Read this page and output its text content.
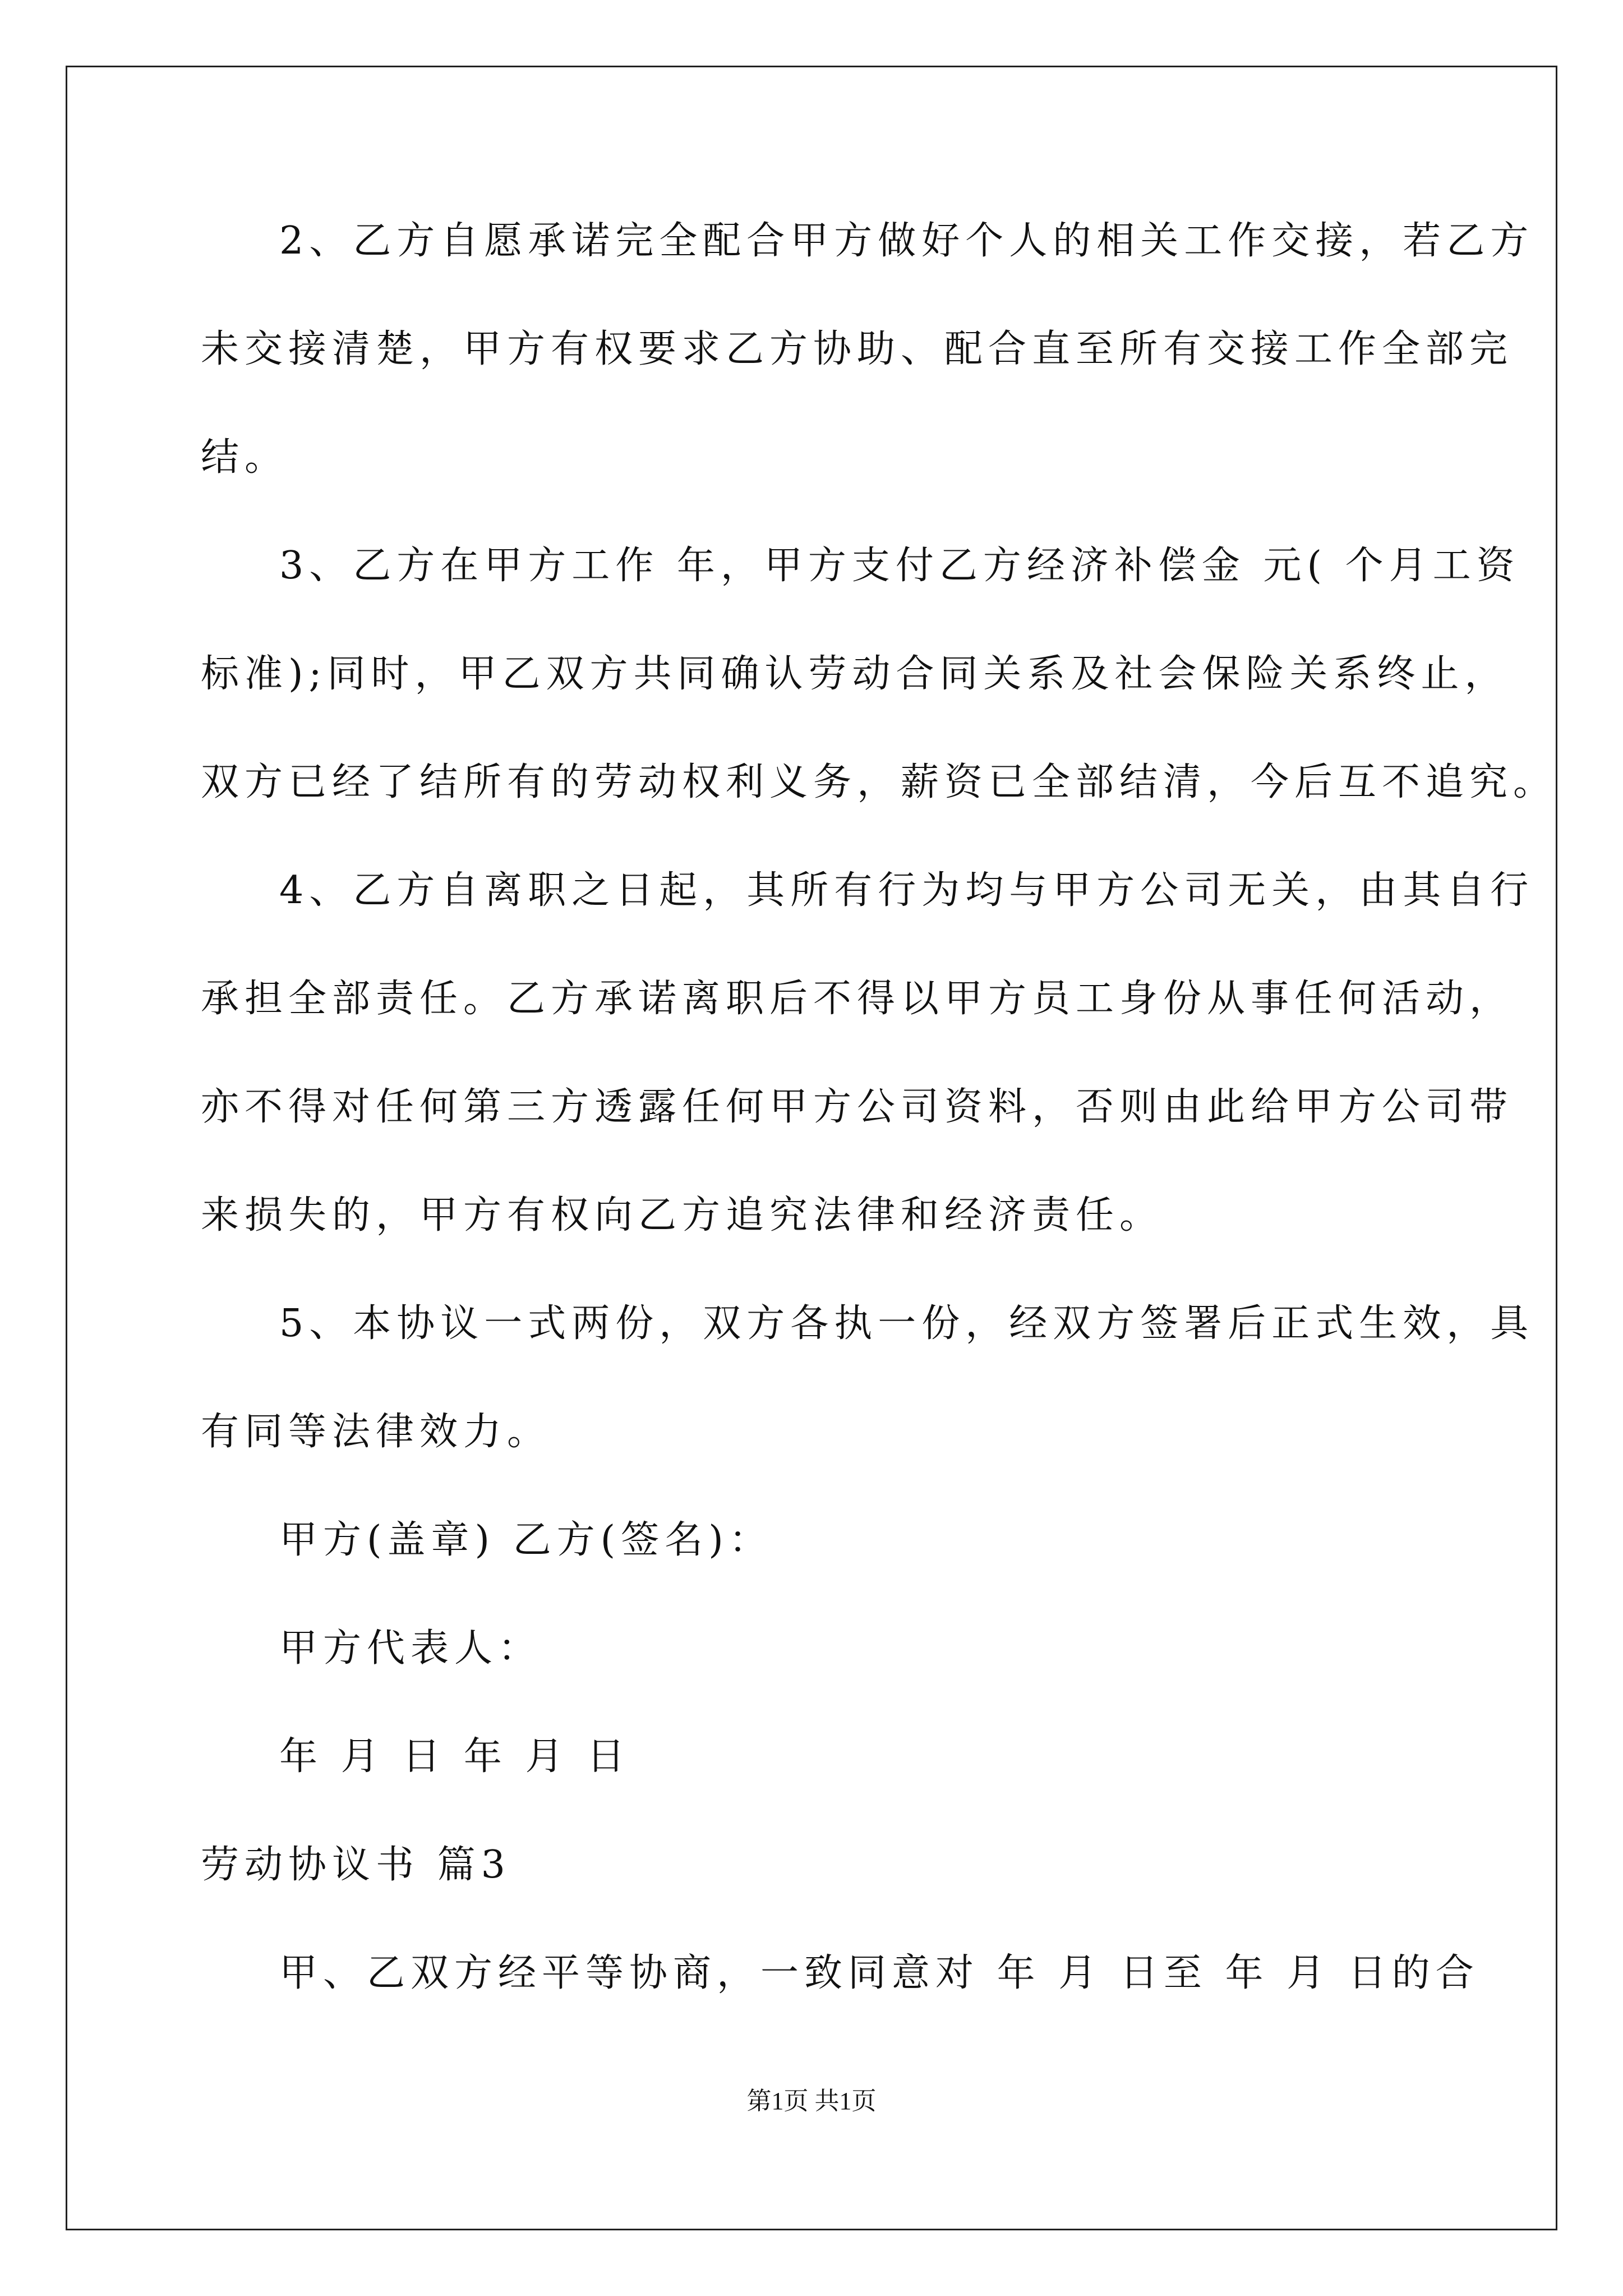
2、乙方自愿承诺完全配合甲方做好个人的相关工作交接，若乙方
未交接清楚，甲方有权要求乙方协助、配合直至所有交接工作全部完
结。
3、乙方在甲方工作 年，甲方支付乙方经济补偿金 元( 个月工资
标准);同时，甲乙双方共同确认劳动合同关系及社会保险关系终止，
双方已经了结所有的劳动权利义务，薪资已全部结清，今后互不追究。
4、乙方自离职之日起，其所有行为均与甲方公司无关，由其自行
承担全部责任。乙方承诺离职后不得以甲方员工身份从事任何活动，
亦不得对任何第三方透露任何甲方公司资料，否则由此给甲方公司带
来损失的，甲方有权向乙方追究法律和经济责任。
5、本协议一式两份，双方各执一份，经双方签署后正式生效，具
有同等法律效力。
甲方(盖章) 乙方(签名)：
甲方代表人：
年 月 日 年 月 日
劳动协议书 篇3
甲、乙双方经平等协商，一致同意对 年 月 日至 年 月 日的合
第1页 共1页
